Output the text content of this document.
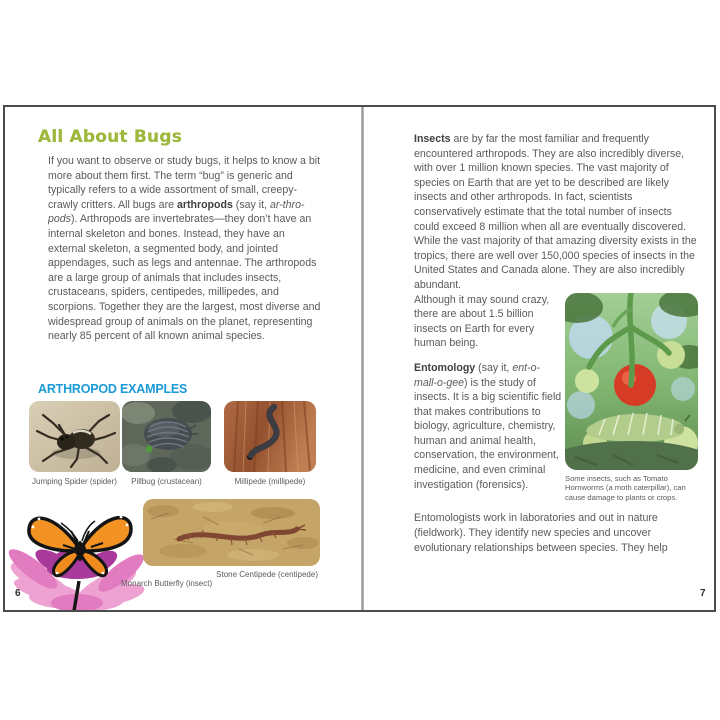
All About Bugs

If you want to observe or study bugs, it helps to know a bit more about them first. The term “bug” is generic and typically refers to a wide assortment of small, creepy-crawly critters. All bugs are arthropods (say it, ar-thro-pods). Arthropods are invertebrates—they don’t have an internal skeleton and bones. Instead, they have an external skeleton, a segmented body, and jointed appendages, such as legs and antennae. The arthropods are a large group of animals that includes insects, crustaceans, spiders, centipedes, millipedes, and scorpions. Together they are the largest, most diverse and widespread group of animals on the planet, representing nearly 85 percent of all known animal species.

ARTHROPOD EXAMPLES
Jumping Spider (spider)	Pillbug (crustacean)	Millipede (millipede)
Stone Centipede (centipede)
Monarch Butterfly (insect)
6

Insects are by far the most familiar and frequently encountered arthropods. They are also incredibly diverse, with over 1 million known species. The vast majority of species on Earth that are yet to be described are likely insects and other arthropods. In fact, scientists conservatively estimate that the total number of insects could exceed 8 million when all are eventually discovered. While the vast majority of that amazing diversity exists in the tropics, there are well over 150,000 species of insects in the United States and Canada alone. They are also incredibly abundant.

Although it may sound crazy, there are about 1.5 billion insects on Earth for every human being.

Entomology (say it, ent-o-mall-o-gee) is the study of insects. It is a big scientific field that makes contributions to biology, agriculture, chemistry, human and animal health, conservation, the environment, medicine, and even criminal investigation (forensics).

Some insects, such as Tomato Hornworms (a moth caterpillar), can cause damage to plants or crops.

Entomologists work in laboratories and out in nature (fieldwork). They identify new species and uncover evolutionary relationships between species. They help

7
